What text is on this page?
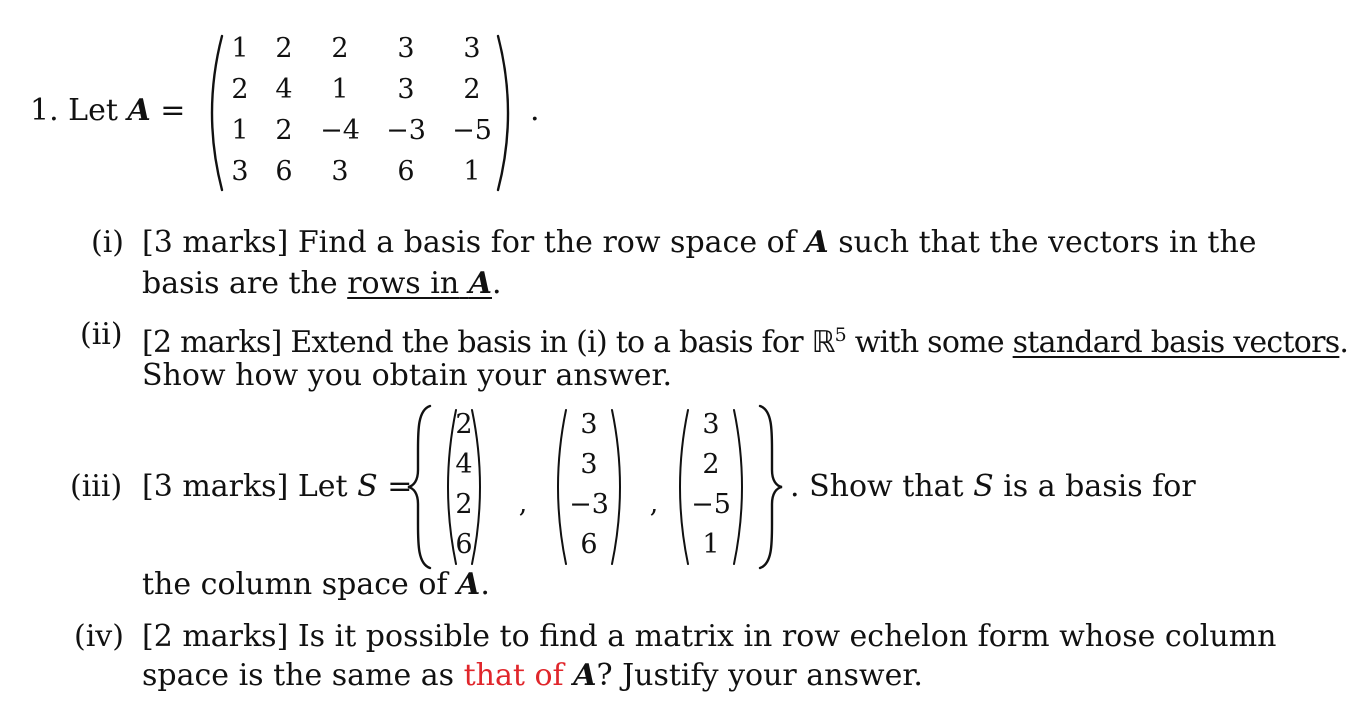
1. Let A =
1 2 2 3 3
2 4 1 3 2
1 2 −4 −3 −5
3 6 3 6 1
.
(i) [3 marks] Find a basis for the row space of A such that the vectors in the
basis are the rows in A.
(ii) [2 marks] Extend the basis in (i) to a basis for ℝ$^5$ with some standard basis vectors.
Show how you obtain your answer.
(iii) [3 marks] Let S =
2
4
2
6
,
3
3
−3
6
,
3
2
−5
1
. Show that S is a basis for
the column space of A.
(iv) [2 marks] Is it possible to find a matrix in row echelon form whose column
space is the same as that of A? Justify your answer.
